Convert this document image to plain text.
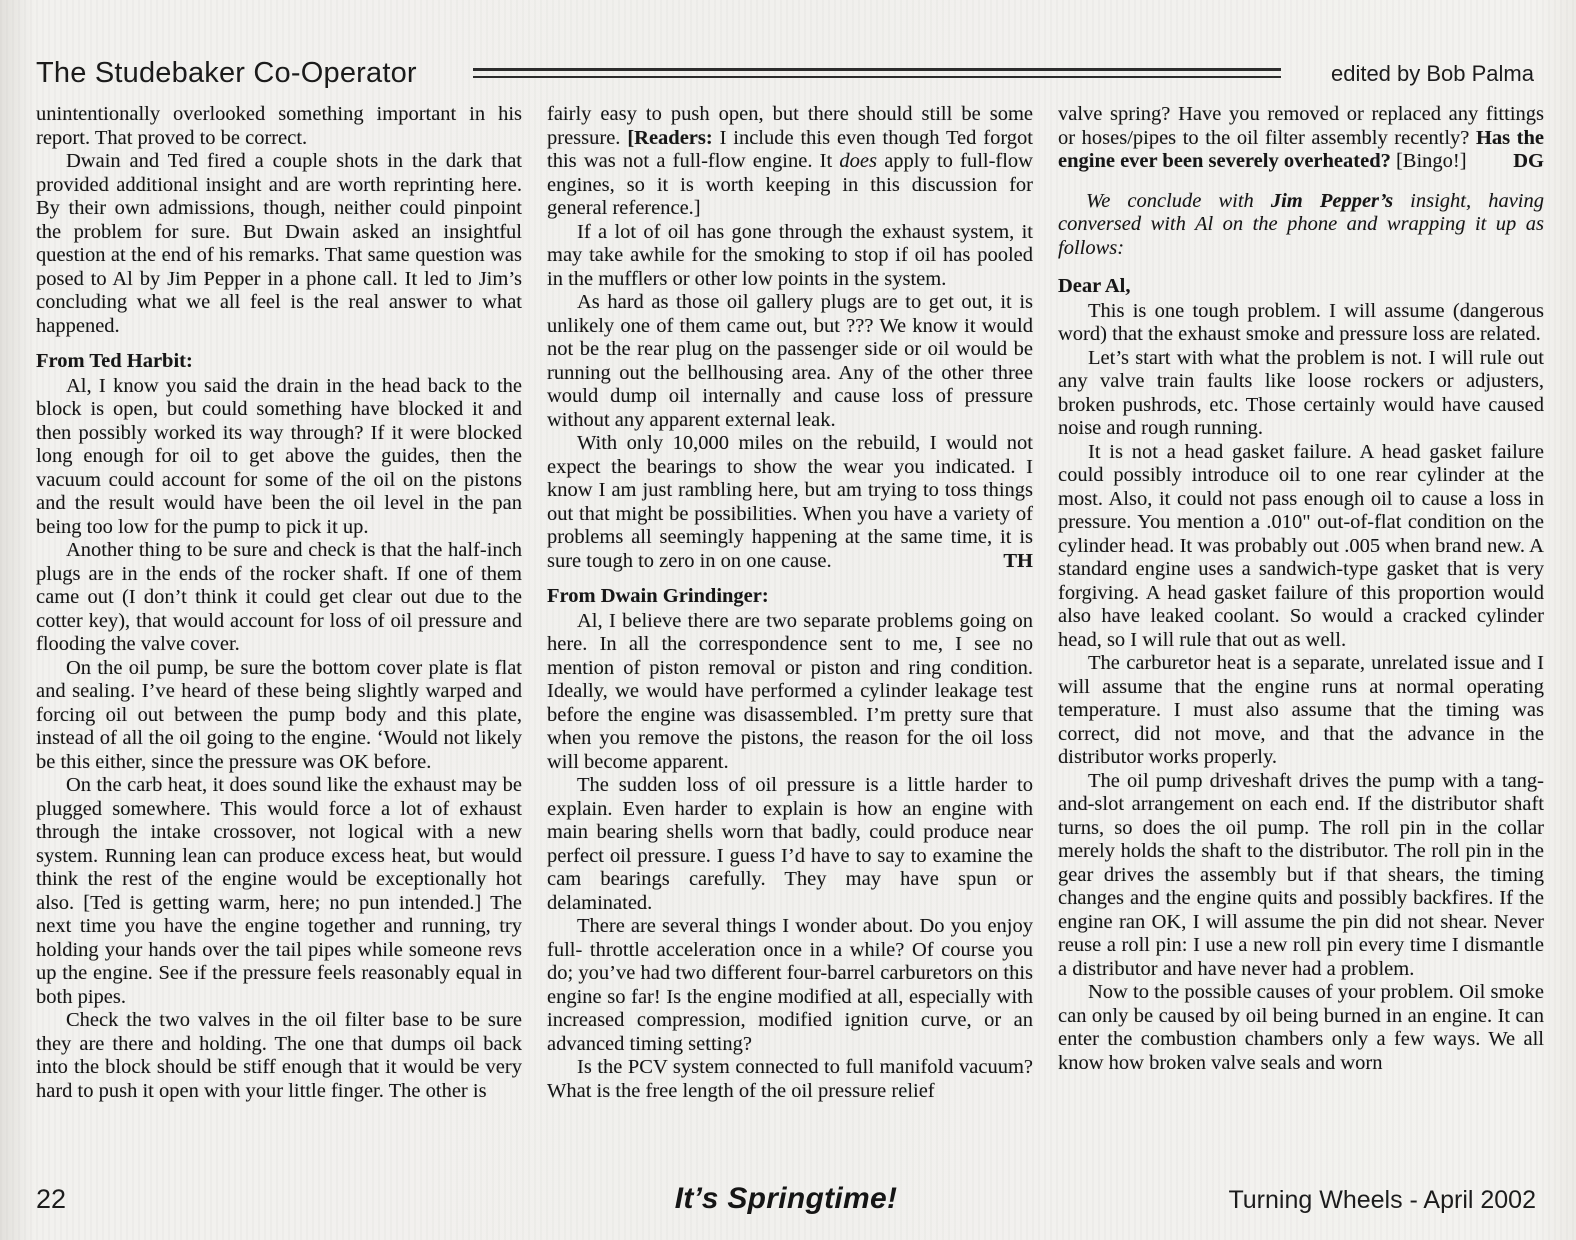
The Studebaker Co-Operator	edited by Bob Palma

unintentionally overlooked something important in his report. That proved to be correct.

Dwain and Ted fired a couple shots in the dark that provided additional insight and are worth reprinting here. By their own admissions, though, neither could pinpoint the problem for sure. But Dwain asked an insightful question at the end of his remarks. That same question was posed to Al by Jim Pepper in a phone call. It led to Jim’s concluding what we all feel is the real answer to what happened.

From Ted Harbit:

Al, I know you said the drain in the head back to the block is open, but could something have blocked it and then possibly worked its way through? If it were blocked long enough for oil to get above the guides, then the vacuum could account for some of the oil on the pistons and the result would have been the oil level in the pan being too low for the pump to pick it up.

Another thing to be sure and check is that the half-inch plugs are in the ends of the rocker shaft. If one of them came out (I don’t think it could get clear out due to the cotter key), that would account for loss of oil pressure and flooding the valve cover.

On the oil pump, be sure the bottom cover plate is flat and sealing. I’ve heard of these being slightly warped and forcing oil out between the pump body and this plate, instead of all the oil going to the engine. ‘Would not likely be this either, since the pressure was OK before.

On the carb heat, it does sound like the exhaust may be plugged somewhere. This would force a lot of exhaust through the intake crossover, not logical with a new system. Running lean can produce excess heat, but would think the rest of the engine would be exceptionally hot also. [Ted is getting warm, here; no pun intended.] The next time you have the engine together and running, try holding your hands over the tail pipes while someone revs up the engine. See if the pressure feels reasonably equal in both pipes.

Check the two valves in the oil filter base to be sure they are there and holding. The one that dumps oil back into the block should be stiff enough that it would be very hard to push it open with your little finger. The other is

fairly easy to push open, but there should still be some pressure. [Readers: I include this even though Ted forgot this was not a full-flow engine. It does apply to full-flow engines, so it is worth keeping in this discussion for general reference.]

If a lot of oil has gone through the exhaust system, it may take awhile for the smoking to stop if oil has pooled in the mufflers or other low points in the system.

As hard as those oil gallery plugs are to get out, it is unlikely one of them came out, but ??? We know it would not be the rear plug on the passenger side or oil would be running out the bellhousing area. Any of the other three would dump oil internally and cause loss of pressure without any apparent external leak.

With only 10,000 miles on the rebuild, I would not expect the bearings to show the wear you indicated. I know I am just rambling here, but am trying to toss things out that might be possibilities. When you have a variety of problems all seemingly happening at the same time, it is sure tough to zero in on one cause.	TH

From Dwain Grindinger:

Al, I believe there are two separate problems going on here. In all the correspondence sent to me, I see no mention of piston removal or piston and ring condition. Ideally, we would have performed a cylinder leakage test before the engine was disassembled. I’m pretty sure that when you remove the pistons, the reason for the oil loss will become apparent.

The sudden loss of oil pressure is a little harder to explain. Even harder to explain is how an engine with main bearing shells worn that badly, could produce near perfect oil pressure. I guess I’d have to say to examine the cam bearings carefully. They may have spun or delaminated.

There are several things I wonder about. Do you enjoy full- throttle acceleration once in a while? Of course you do; you’ve had two different four-barrel carburetors on this engine so far! Is the engine modified at all, especially with increased compression, modified ignition curve, or an advanced timing setting?

Is the PCV system connected to full manifold vacuum? What is the free length of the oil pressure relief

valve spring? Have you removed or replaced any fittings or hoses/pipes to the oil filter assembly recently? Has the engine ever been severely overheated? [Bingo!] DG

We conclude with Jim Pepper’s insight, having conversed with Al on the phone and wrapping it up as follows:

Dear Al,

This is one tough problem. I will assume (dangerous word) that the exhaust smoke and pressure loss are related.

Let’s start with what the problem is not. I will rule out any valve train faults like loose rockers or adjusters, broken pushrods, etc. Those certainly would have caused noise and rough running.

It is not a head gasket failure. A head gasket failure could possibly introduce oil to one rear cylinder at the most. Also, it could not pass enough oil to cause a loss in pressure. You mention a .010" out-of-flat condition on the cylinder head. It was probably out .005 when brand new. A standard engine uses a sandwich-type gasket that is very forgiving. A head gasket failure of this proportion would also have leaked coolant. So would a cracked cylinder head, so I will rule that out as well.

The carburetor heat is a separate, unrelated issue and I will assume that the engine runs at normal operating temperature. I must also assume that the timing was correct, did not move, and that the advance in the distributor works properly.

The oil pump driveshaft drives the pump with a tang-and-slot arrangement on each end. If the distributor shaft turns, so does the oil pump. The roll pin in the collar merely holds the shaft to the distributor. The roll pin in the gear drives the assembly but if that shears, the timing changes and the engine quits and possibly backfires. If the engine ran OK, I will assume the pin did not shear. Never reuse a roll pin: I use a new roll pin every time I dismantle a distributor and have never had a problem.

Now to the possible causes of your problem. Oil smoke can only be caused by oil being burned in an engine. It can enter the combustion chambers only a few ways. We all know how broken valve seals and worn

22	It’s Springtime!	Turning Wheels - April 2002
